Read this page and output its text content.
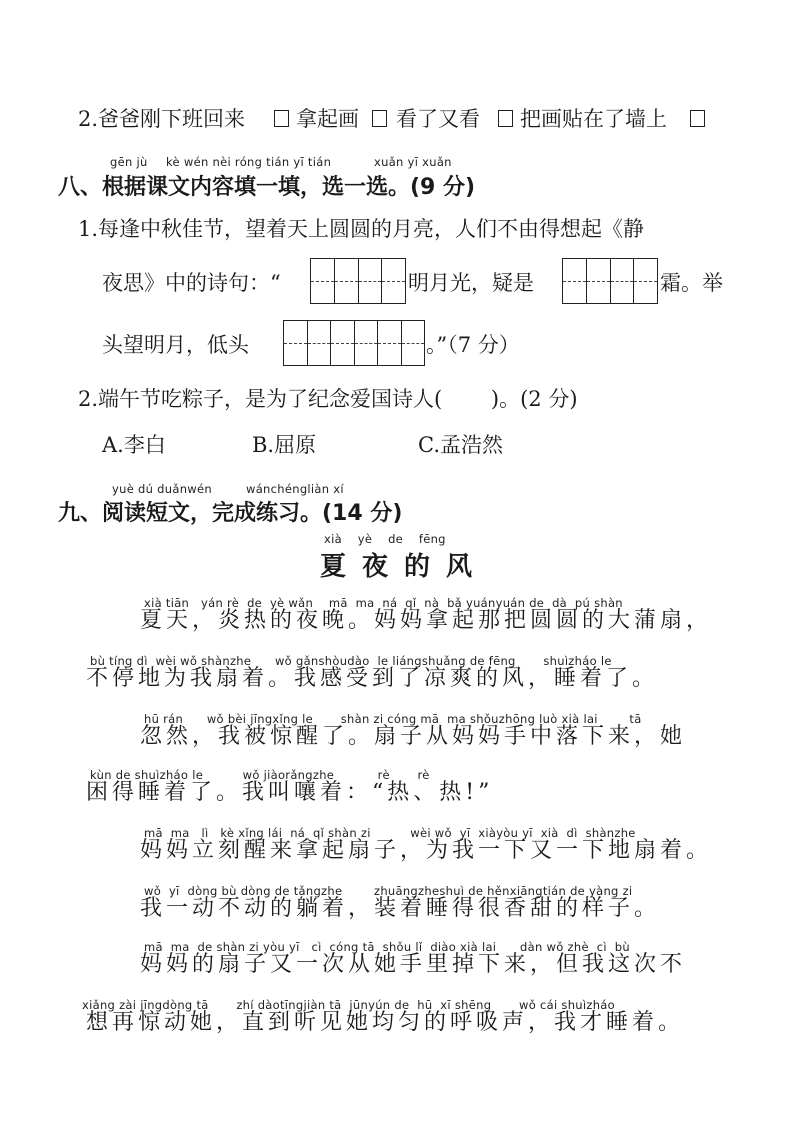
2.爸爸刚下班回来 拿起画 看了又看 把画贴在了墙上
gēn jù kè wén nèi róng tián yī tián	xuǎn yī xuǎn
八、根据课文内容填一填，选一选。(9 分)
1.每逢中秋佳节，望着天上圆圆的月亮，人们不由得想起《静
夜思》中的诗句：“	明月光，疑是	霜。举
头望明月，低头	。”（7 分）
2.端午节吃粽子，是为了纪念爱国诗人(　　 )。(2 分)
A.李白	B.屈原	C.孟浩然
yuè dú duǎnwén	wánchéngliàn xí
九、阅读短文，完成练习。(14 分)
xià    yè    de    fēng
夏夜的风
xià tiān   yán rè  de  yè wǎn    mā  ma  ná  qǐ  nà  bǎ yuányuán de  dà  pú shàn
夏天，炎热的夜晚。妈妈拿起那把圆圆的大蒲扇，
bù tíng dì  wèi wǒ shànzhe      wǒ gǎnshòudào  le liángshuǎng de fēng       shuìzháo le
不停地为我扇着。我感受到了凉爽的风，睡着了。
hū rán      wǒ bèi jīngxǐng le       shàn zi cóng mā  ma shǒuzhōng luò xià lai        tā
忽然，我被惊醒了。扇子从妈妈手中落下来，她
kùn de shuìzháo le          wǒ jiàorǎngzhe           rè       rè
困得睡着了。我叫嚷着：“热、热!”
mā  ma   lì   kè xǐng lái  ná  qǐ shàn zi          wèi wǒ  yī  xiàyòu yī  xià  dì  shànzhe
妈妈立刻醒来拿起扇子，为我一下又一下地扇着。
wǒ  yī  dòng bù dòng de tǎngzhe        zhuāngzheshuì de hěnxiāngtián de yàng zi
我一动不动的躺着，装着睡得很香甜的样子。
mā  ma  de shàn zi yòu yī   cì  cóng tā  shǒu lǐ  diào xià lai      dàn wǒ zhè  cì  bù
妈妈的扇子又一次从她手里掉下来，但我这次不
xiǎng zài jīngdòng tā       zhí dàotīngjiàn tā  jūnyún de  hū  xī shēng       wǒ cái shuìzháo
想再惊动她，直到听见她均匀的呼吸声，我才睡着。
